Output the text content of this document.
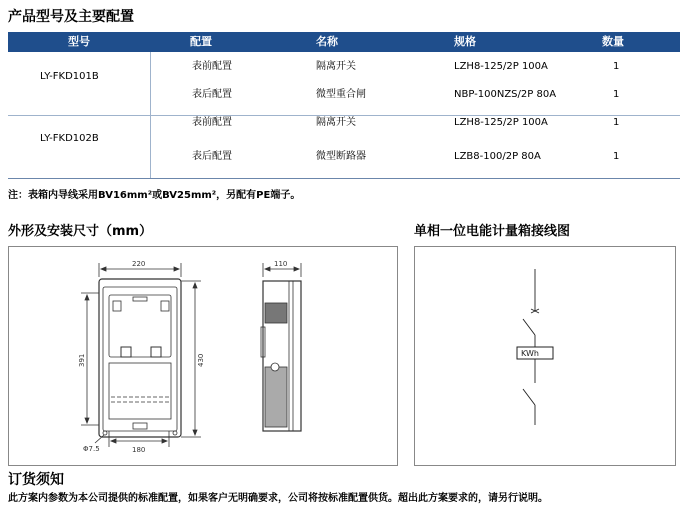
产品型号及主要配置
型号	配置	名称	规格	数量
LY-FKD101B
表前配置	隔离开关	LZH8-125/2P 100A	1
表后配置	微型重合闸	NBP-100NZS/2P 80A	1
LY-FKD102B
表前配置	隔离开关	LZH8-125/2P 100A	1
表后配置	微型断路器	LZB8-100/2P 80A	1
注：表箱内导线采用BV16mm²或BV25mm²，另配有PE端子。
外形及安装尺寸（mm）	单相一位电能计量箱接线图
220
391	430
180
Φ7.5
110
KWh
订货须知
此方案内参数为本公司提供的标准配置，如果客户无明确要求，公司将按标准配置供货。超出此方案要求的，请另行说明。
